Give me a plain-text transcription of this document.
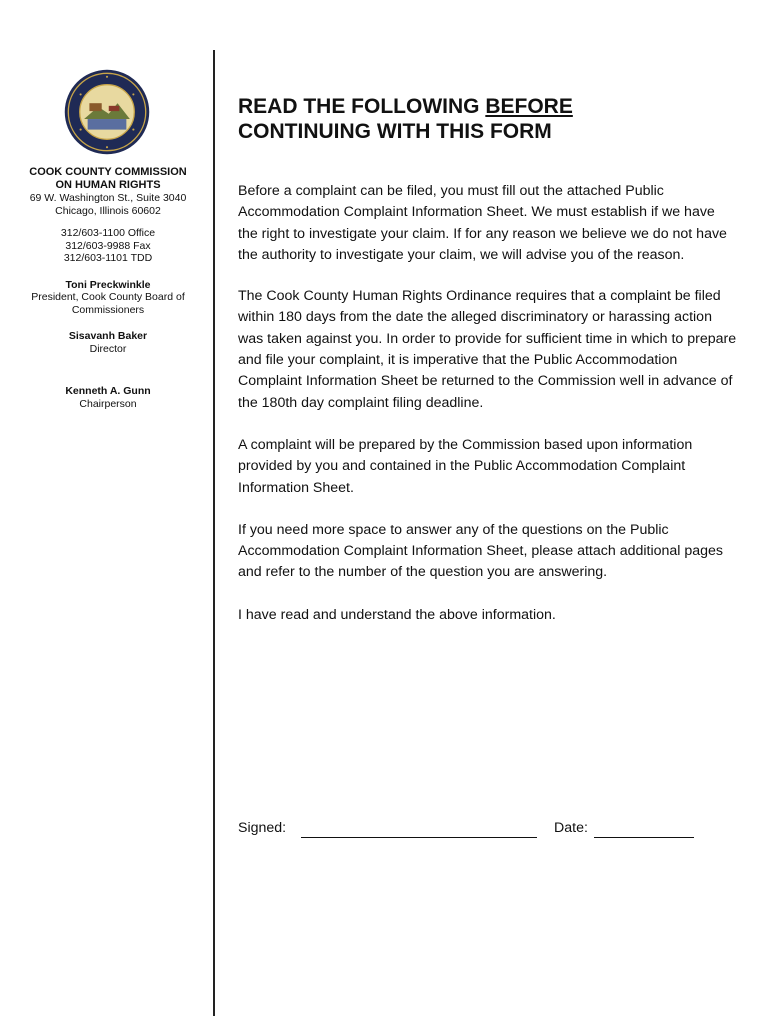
COOK COUNTY COMMISSION
ON HUMAN RIGHTS
69 W. Washington St., Suite 3040
Chicago, Illinois 60602
312/603-1100 Office
312/603-9988 Fax
312/603-1101 TDD
Toni Preckwinkle
President, Cook County Board of
Commissioners
Sisavanh Baker
Director
Kenneth A. Gunn
Chairperson
READ THE FOLLOWING BEFORE
CONTINUING WITH THIS FORM

Before a complaint can be filed, you must fill out the attached Public Accommodation Complaint Information Sheet. We must establish if we have the right to investigate your claim. If for any reason we believe we do not have the authority to investigate your claim, we will advise you of the reason.

The Cook County Human Rights Ordinance requires that a complaint be filed within 180 days from the date the alleged discriminatory or harassing action was taken against you. In order to provide for sufficient time in which to prepare and file your complaint, it is imperative that the Public Accommodation Complaint Information Sheet be returned to the Commission well in advance of the 180th day complaint filing deadline.

A complaint will be prepared by the Commission based upon information provided by you and contained in the Public Accommodation Complaint Information Sheet.

If you need more space to answer any of the questions on the Public Accommodation Complaint Information Sheet, please attach additional pages and refer to the number of the question you are answering.

I have read and understand the above information.

Signed:	Date:
